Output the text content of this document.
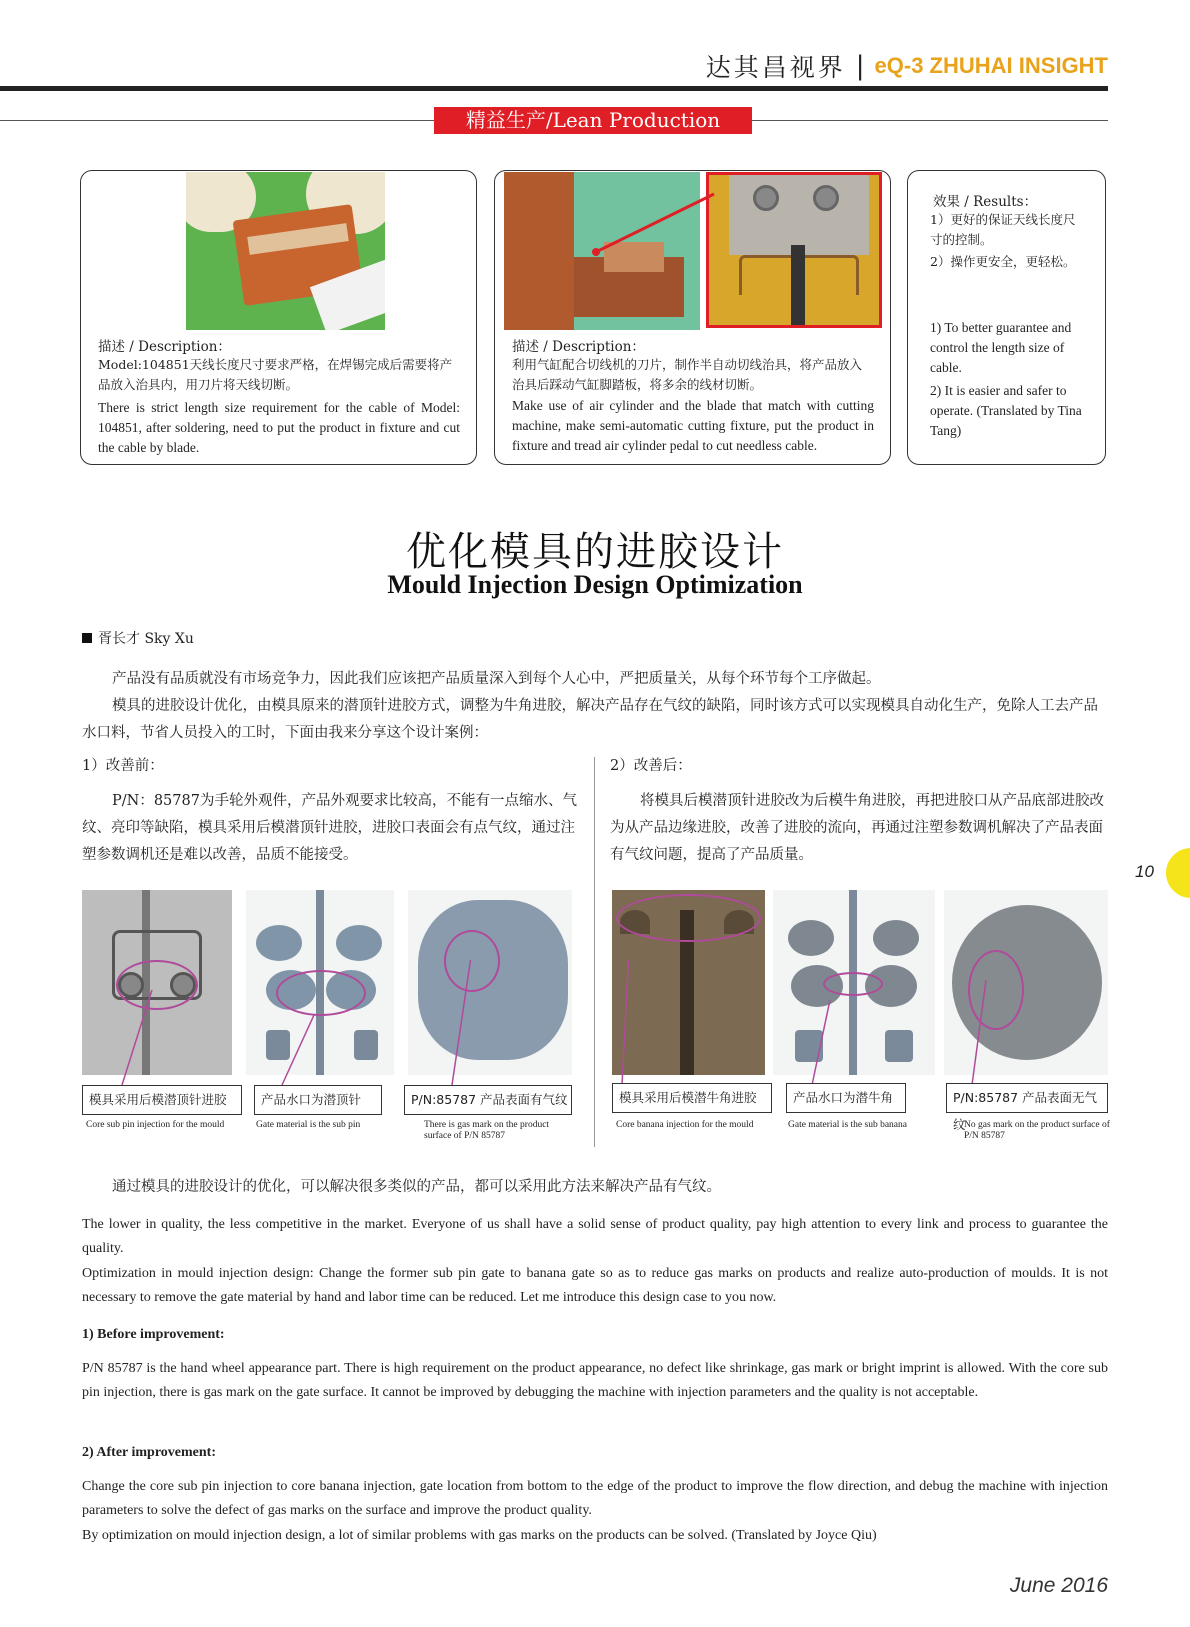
达其昌视界 | eQ-3 ZHUHAI INSIGHT
精益生产/Lean Production
描述 / Description：
Model:104851天线长度尺寸要求严格，在焊锡完成后需要将产品放入治具内，用刀片将天线切断。
There is strict length size requirement for the cable of Model: 104851, after soldering, need to put the product in fixture and cut the cable by blade.
描述 / Description：
利用气缸配合切线机的刀片，制作半自动切线治具，将产品放入治具后踩动气缸脚踏板，将多余的线材切断。
Make use of air cylinder and the blade that match with cutting machine, make semi-automatic cutting fixture, put the product in fixture and tread air cylinder pedal to cut needless cable.
效果 / Results：
1）更好的保证天线长度尺寸的控制。
2）操作更安全，更轻松。
1) To better guarantee and control the length size of cable.
2) It is easier and safer to operate. (Translated by Tina Tang)
优化模具的进胶设计
Mould Injection Design Optimization
胥长才 Sky Xu
产品没有品质就没有市场竞争力，因此我们应该把产品质量深入到每个人心中，严把质量关，从每个环节每个工序做起。
模具的进胶设计优化，由模具原来的潜顶针进胶方式，调整为牛角进胶，解决产品存在气纹的缺陷，同时该方式可以实现模具自动化生产，免除人工去产品水口料，节省人员投入的工时，下面由我来分享这个设计案例：
1）改善前：
P/N：85787为手轮外观件，产品外观要求比较高，不能有一点缩水、气纹、亮印等缺陷，模具采用后模潜顶针进胶，进胶口表面会有点气纹，通过注塑参数调机还是难以改善，品质不能接受。
2）改善后：
将模具后模潜顶针进胶改为后模牛角进胶，再把进胶口从产品底部进胶改为从产品边缘进胶，改善了进胶的流向，再通过注塑参数调机解决了产品表面有气纹问题，提高了产品质量。
模具采用后模潜顶针进胶
Core sub pin injection for the mould
产品水口为潜顶针
Gate material is the sub pin
P/N:85787 产品表面有气纹
There is gas mark on the product surface of P/N 85787
模具采用后模潜牛角进胶
Core banana injection for the mould
产品水口为潜牛角
Gate material is the sub banana
P/N:85787 产品表面无气纹
No gas mark on the product surface of P/N 85787
通过模具的进胶设计的优化，可以解决很多类似的产品，都可以采用此方法来解决产品有气纹。
The lower in quality, the less competitive in the market. Everyone of us shall have a solid sense of product quality, pay high attention to every link and process to guarantee the quality.
Optimization in mould injection design: Change the former sub pin gate to banana gate so as to reduce gas marks on products and realize auto-production of moulds. It is not necessary to remove the gate material by hand and labor time can be reduced. Let me introduce this design case to you now.
1) Before improvement:
P/N 85787 is the hand wheel appearance part. There is high requirement on the product appearance, no defect like shrinkage, gas mark or bright imprint is allowed. With the core sub pin injection, there is gas mark on the gate surface. It cannot be improved by debugging the machine with injection parameters and the quality is not acceptable.
2) After improvement:
Change the core sub pin injection to core banana injection, gate location from bottom to the edge of the product to improve the flow direction, and debug the machine with injection parameters to solve the defect of gas marks on the surface and improve the product quality.
By optimization on mould injection design, a lot of similar problems with gas marks on the products can be solved. (Translated by Joyce Qiu)
10
June 2016
